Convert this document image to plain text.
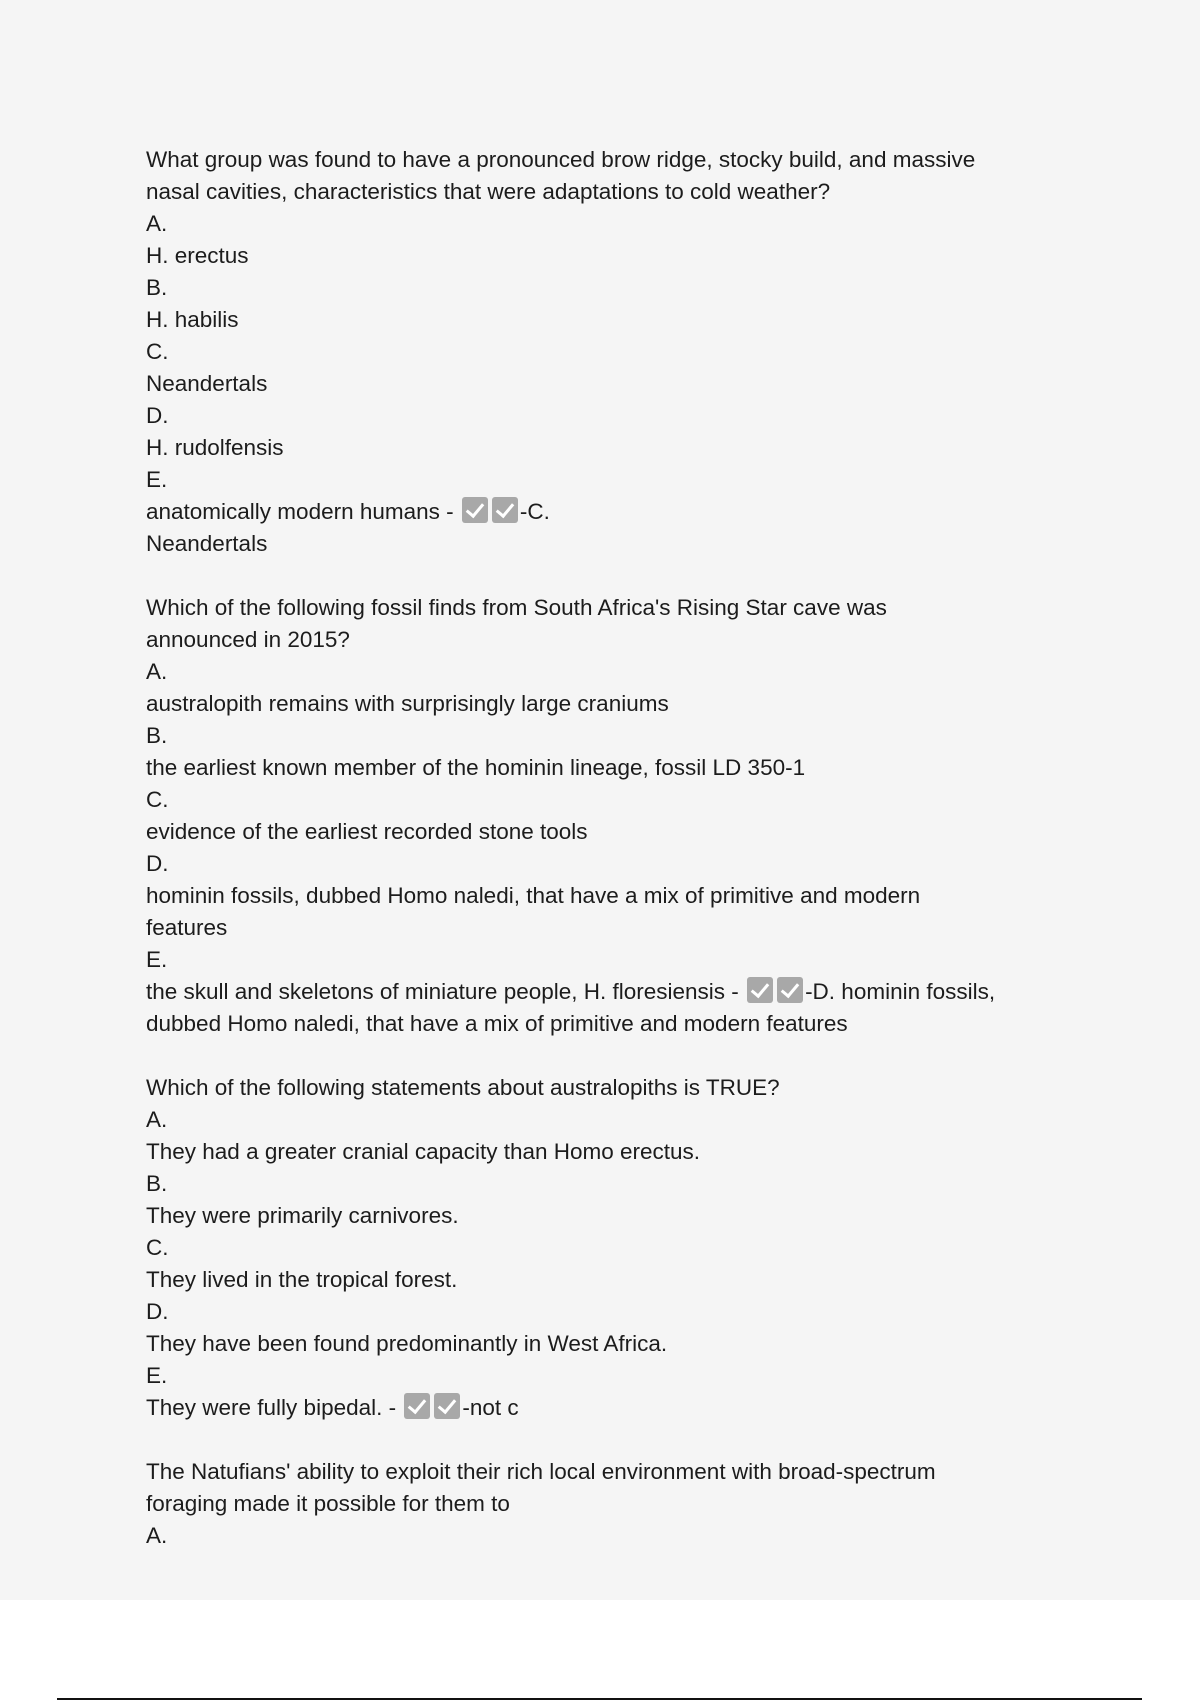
What group was found to have a pronounced brow ridge, stocky build, and massive
nasal cavities, characteristics that were adaptations to cold weather?
A.
H. erectus
B.
H. habilis
C.
Neandertals
D.
H. rudolfensis
E.
anatomically modern humans -	-C.
Neandertals
Which of the following fossil finds from South Africa's Rising Star cave was
announced in 2015?
A.
australopith remains with surprisingly large craniums
B.
the earliest known member of the hominin lineage, fossil LD 350-1
C.
evidence of the earliest recorded stone tools
D.
hominin fossils, dubbed Homo naledi, that have a mix of primitive and modern
features
E.
the skull and skeletons of miniature people, H. floresiensis -	-D. hominin fossils,
dubbed Homo naledi, that have a mix of primitive and modern features
Which of the following statements about australopiths is TRUE?
A.
They had a greater cranial capacity than Homo erectus.
B.
They were primarily carnivores.
C.
They lived in the tropical forest.
D.
They have been found predominantly in West Africa.
E.
They were fully bipedal. -	-not c
The Natufians' ability to exploit their rich local environment with broad-spectrum
foraging made it possible for them to
A.
